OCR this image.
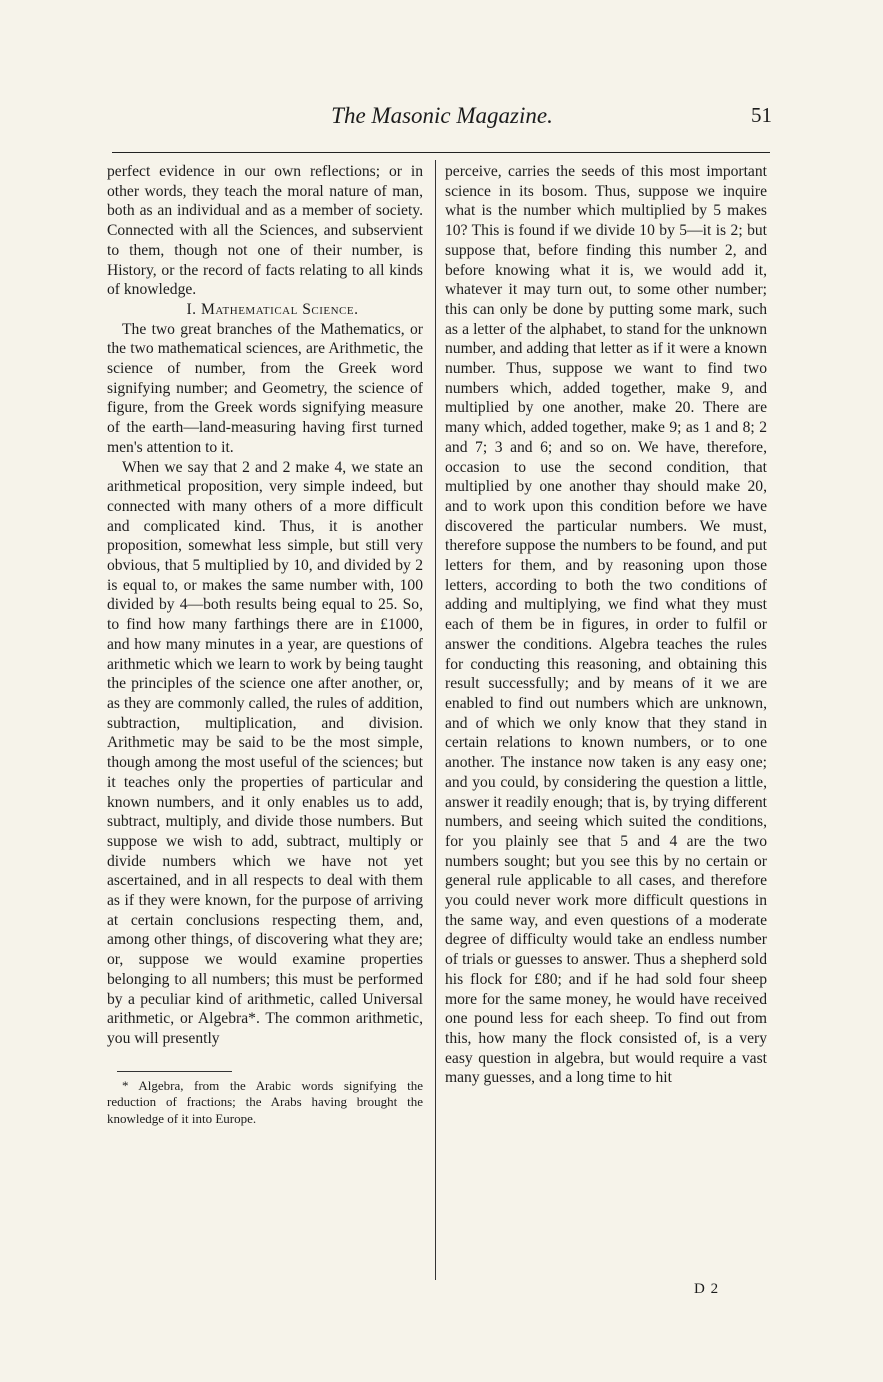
The Masonic Magazine.	51

perfect evidence in our own reflections; or in other words, they teach the moral nature of man, both as an individual and as a member of society. Connected with all the Sciences, and subservient to them, though not one of their number, is History, or the record of facts relating to all kinds of knowledge.

I. Mathematical Science.

The two great branches of the Mathematics, or the two mathematical sciences, are Arithmetic, the science of number, from the Greek word signifying number; and Geometry, the science of figure, from the Greek words signifying measure of the earth—land-measuring having first turned men's attention to it.

When we say that 2 and 2 make 4, we state an arithmetical proposition, very simple indeed, but connected with many others of a more difficult and complicated kind. Thus, it is another proposition, somewhat less simple, but still very obvious, that 5 multiplied by 10, and divided by 2 is equal to, or makes the same number with, 100 divided by 4—both results being equal to 25. So, to find how many farthings there are in £1000, and how many minutes in a year, are questions of arithmetic which we learn to work by being taught the principles of the science one after another, or, as they are commonly called, the rules of addition, subtraction, multiplication, and division. Arithmetic may be said to be the most simple, though among the most useful of the sciences; but it teaches only the properties of particular and known numbers, and it only enables us to add, subtract, multiply, and divide those numbers. But suppose we wish to add, subtract, multiply or divide numbers which we have not yet ascertained, and in all respects to deal with them as if they were known, for the purpose of arriving at certain conclusions respecting them, and, among other things, of discovering what they are; or, suppose we would examine properties belonging to all numbers; this must be performed by a peculiar kind of arithmetic, called Universal arithmetic, or Algebra*. The common arithmetic, you will presently

* Algebra, from the Arabic words signifying the reduction of fractions; the Arabs having brought the knowledge of it into Europe.

perceive, carries the seeds of this most important science in its bosom. Thus, suppose we inquire what is the number which multiplied by 5 makes 10? This is found if we divide 10 by 5—it is 2; but suppose that, before finding this number 2, and before knowing what it is, we would add it, whatever it may turn out, to some other number; this can only be done by putting some mark, such as a letter of the alphabet, to stand for the unknown number, and adding that letter as if it were a known number. Thus, suppose we want to find two numbers which, added together, make 9, and multiplied by one another, make 20. There are many which, added together, make 9; as 1 and 8; 2 and 7; 3 and 6; and so on. We have, therefore, occasion to use the second condition, that multiplied by one another thay should make 20, and to work upon this condition before we have discovered the particular numbers. We must, therefore suppose the numbers to be found, and put letters for them, and by reasoning upon those letters, according to both the two conditions of adding and multiplying, we find what they must each of them be in figures, in order to fulfil or answer the conditions. Algebra teaches the rules for conducting this reasoning, and obtaining this result successfully; and by means of it we are enabled to find out numbers which are unknown, and of which we only know that they stand in certain relations to known numbers, or to one another. The instance now taken is any easy one; and you could, by considering the question a little, answer it readily enough; that is, by trying different numbers, and seeing which suited the conditions, for you plainly see that 5 and 4 are the two numbers sought; but you see this by no certain or general rule applicable to all cases, and therefore you could never work more difficult questions in the same way, and even questions of a moderate degree of difficulty would take an endless number of trials or guesses to answer. Thus a shepherd sold his flock for £80; and if he had sold four sheep more for the same money, he would have received one pound less for each sheep. To find out from this, how many the flock consisted of, is a very easy question in algebra, but would require a vast many guesses, and a long time to hit

D 2
